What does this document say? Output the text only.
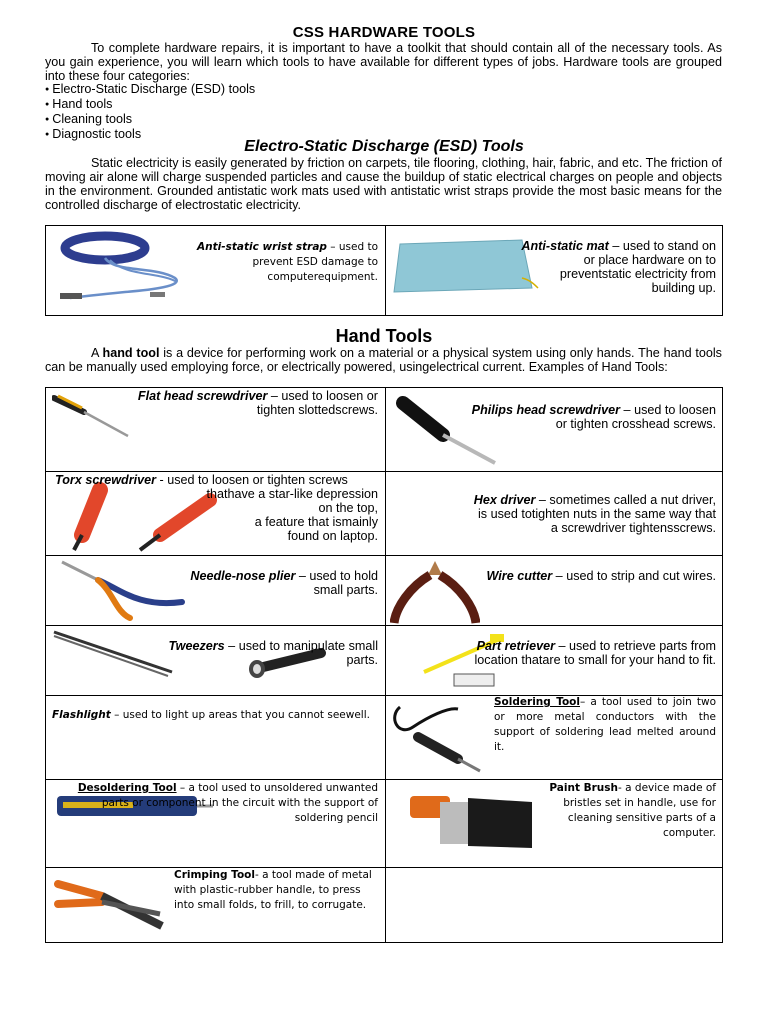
CSS HARDWARE TOOLS
To complete hardware repairs, it is important to have a toolkit that should contain all of the necessary tools. As you gain experience, you will learn which tools to have available for different types of jobs. Hardware tools are grouped into these four categories:
● Electro-Static Discharge (ESD) tools
● Hand tools
● Cleaning tools
● Diagnostic tools
Electro-Static Discharge (ESD) Tools
Static electricity is easily generated by friction on carpets, tile flooring, clothing, hair, fabric, and etc. The friction of moving air alone will charge suspended particles and cause the buildup of static electrical charges on people and objects in the environment. Grounded antistatic work mats used with antistatic wrist straps provide the most basic means for the controlled discharge of electrostatic electricity.
Anti-static wrist strap – used to prevent ESD damage to computerequipment.
Anti-static mat – used to stand on or place hardware on to preventstatic electricity from building up.
Hand Tools
A hand tool is a device for performing work on a material or a physical system using only hands. The hand tools can be manually used employing force, or electrically powered, usingelectrical current. Examples of Hand Tools:
Flat head screwdriver – used to loosen or tighten slottedscrews.	Philips head screwdriver – used to loosen or tighten crosshead screws.
Torx screwdriver - used to loosen or tighten screws
thathave a star-like depression
on the top,
a feature that ismainly
found on laptop.
Hex driver – sometimes called a nut driver, is used totighten nuts in the same way that a screwdriver tightensscrews.
Needle-nose plier – used to hold small parts.
Wire cutter – used to strip and cut wires.
Tweezers – used to manipulate small parts.
Part retriever – used to retrieve parts from location thatare to small for your hand to fit.
Flashlight – used to light up areas that you cannot seewell.
Soldering Tool– a tool used to join two or more metal conductors with the support of soldering lead melted around it.
Desoldering Tool – a tool used to unsoldered unwanted parts or component in the circuit with the support of soldering pencil
Paint Brush- a device made of bristles set in handle, use for cleaning sensitive parts of a computer.
Crimping Tool- a tool made of metal with plastic-rubber handle, to press into small folds, to frill, to corrugate.
